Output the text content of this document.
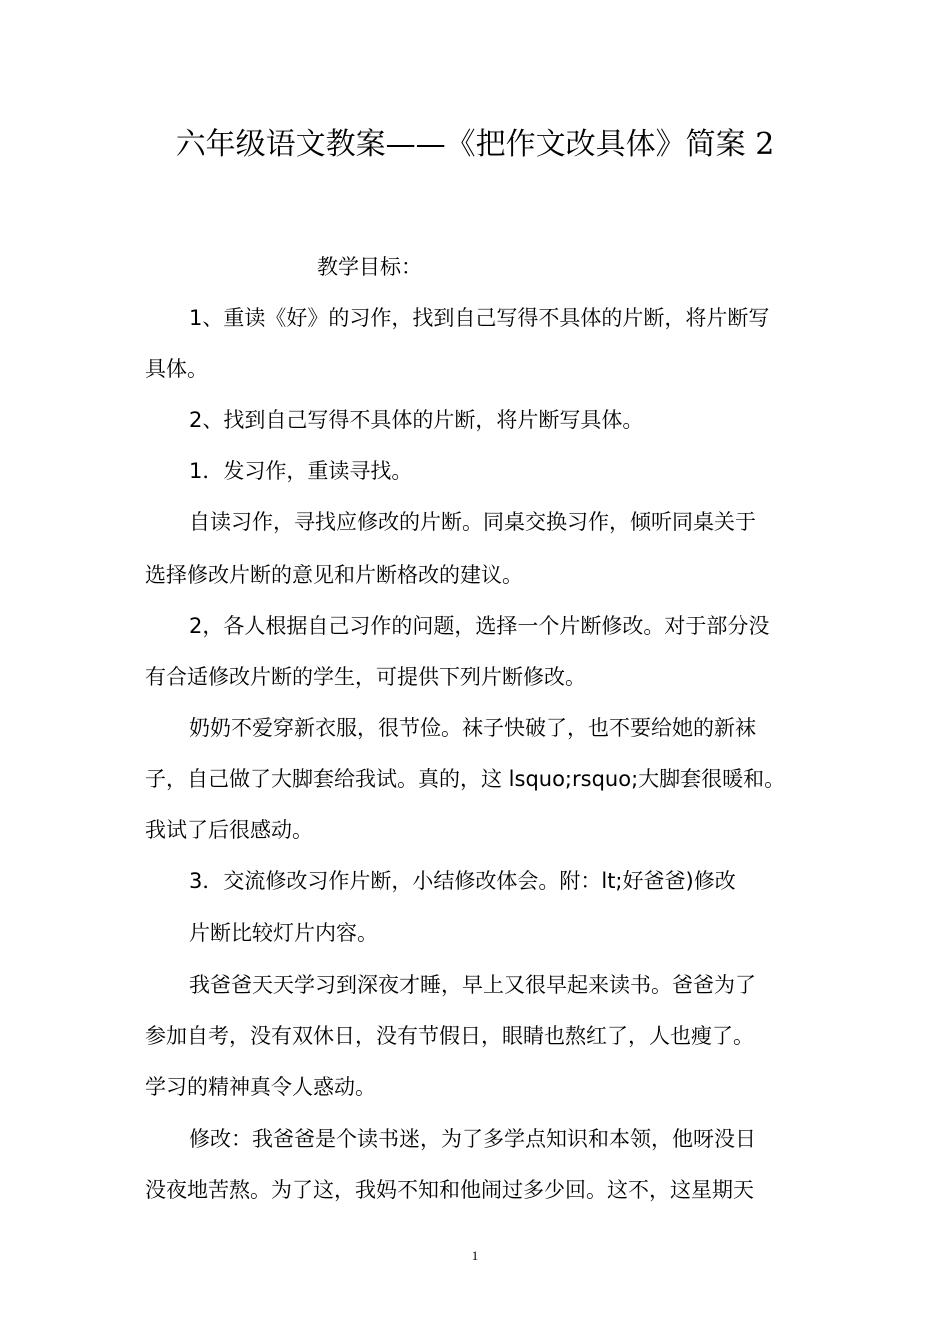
六年级语文教案——《把作文改具体》简案 2
教学目标：
1、重读《好》的习作，找到自己写得不具体的片断，将片断写
具体。
2、找到自己写得不具体的片断，将片断写具体。
1．发习作，重读寻找。
自读习作，寻找应修改的片断。同桌交换习作，倾听同桌关于
选择修改片断的意见和片断格改的建议。
2，各人根据自己习作的问题，选择一个片断修改。对于部分没
有合适修改片断的学生，可提供下列片断修改。
奶奶不爱穿新衣服，很节俭。袜子快破了，也不要给她的新袜
子，自己做了大脚套给我试。真的，这 lsquo;rsquo;大脚套很暖和。
我试了后很感动。
3．交流修改习作片断，小结修改体会。附：lt;好爸爸)修改
片断比较灯片内容。
我爸爸天天学习到深夜才睡，早上又很早起来读书。爸爸为了
参加自考，没有双休日，没有节假日，眼睛也熬红了，人也瘦了。
学习的精神真令人惑动。
修改：我爸爸是个读书迷，为了多学点知识和本领，他呀没日
没夜地苦熬。为了这，我妈不知和他闹过多少回。这不，这星期天
1
